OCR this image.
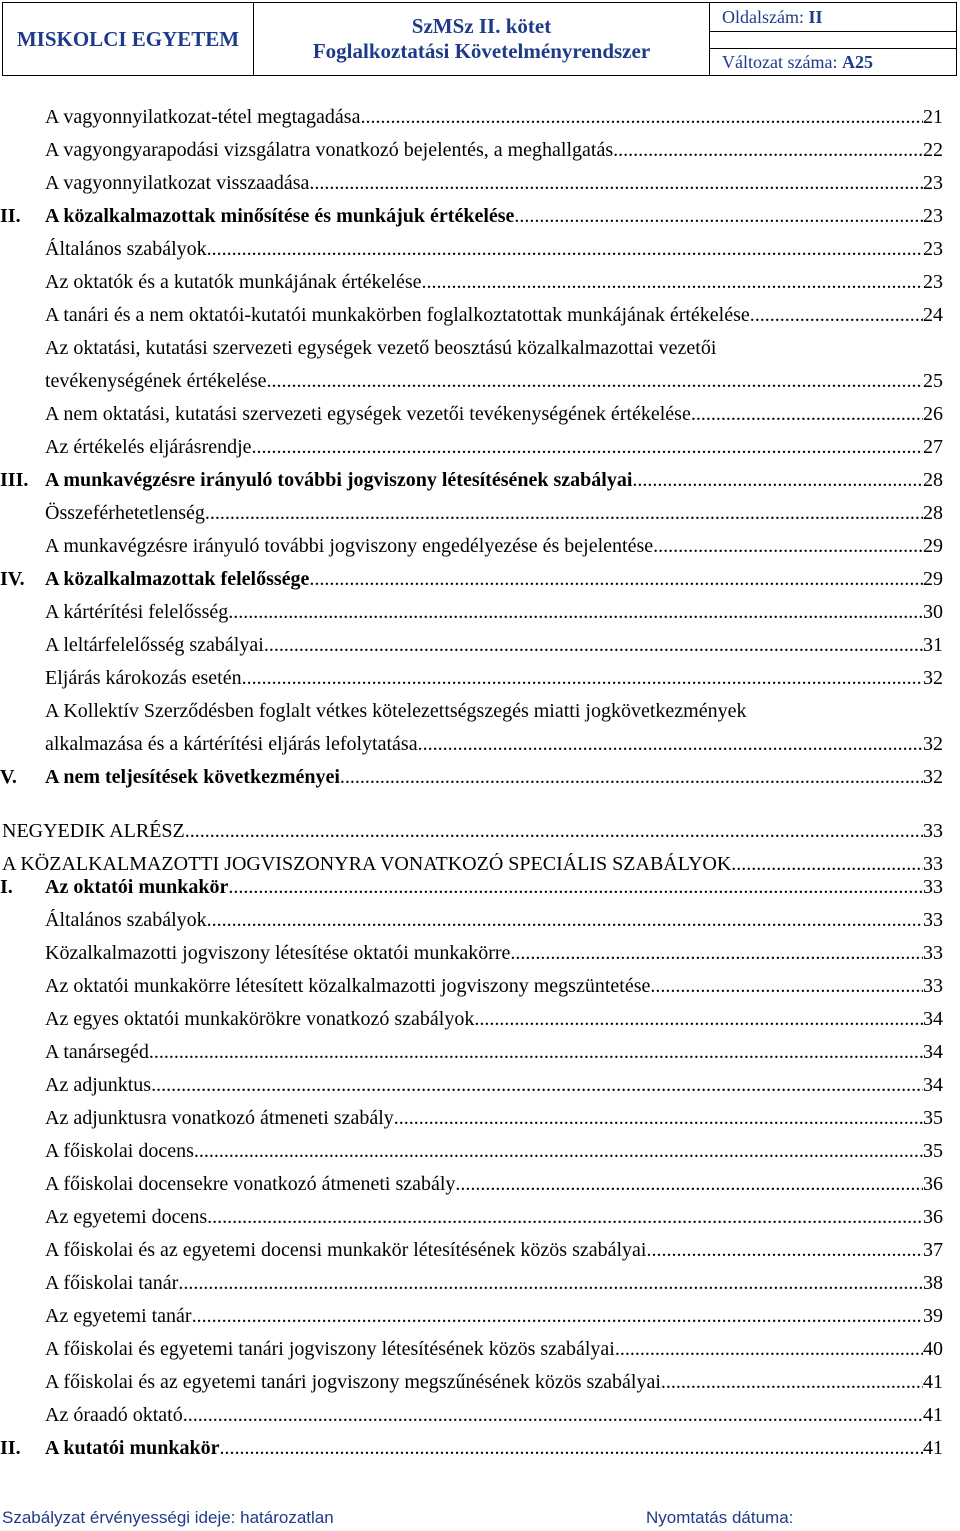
MISKOLCI EGYETEM
SzMSz II. kötet
Foglalkoztatási Követelményrendszer
Oldalszám: II
Változat száma: A25
A vagyonnyilatkozat-tétel megtagadása .....	21
A vagyongyarapodási vizsgálatra vonatkozó bejelentés, a meghallgatás .....	22
A vagyonnyilatkozat visszaadása .....	23
II.	A közalkalmazottak minősítése és munkájuk értékelése .....	23
Általános szabályok .....	23
Az oktatók és a kutatók munkájának értékelése .....	23
A tanári és a nem oktatói-kutatói munkakörben foglalkoztatottak munkájának értékelése .....	24
Az oktatási, kutatási szervezeti egységek vezető beosztású közalkalmazottai vezetői
tevékenységének értékelése .....	25
A nem oktatási, kutatási szervezeti egységek vezetői tevékenységének értékelése .....	26
Az értékelés eljárásrendje .....	27
III. A munkavégzésre irányuló további jogviszony létesítésének szabályai .....	28
Összeférhetetlenség .....	28
A munkavégzésre irányuló további jogviszony engedélyezése és bejelentése .....	29
IV.	A közalkalmazottak felelőssége .....	29
A kártérítési felelősség .....	30
A leltárfelelősség szabályai .....	31
Eljárás károkozás esetén .....	32
A Kollektív Szerződésben foglalt vétkes kötelezettségszegés miatti jogkövetkezmények
alkalmazása és a kártérítési eljárás lefolytatása .....	32
V.	A nem teljesítések következményei .....	32
NEGYEDIK ALRÉSZ .....	33
A KÖZALKALMAZOTTI JOGVISZONYRA VONATKOZÓ SPECIÁLIS SZABÁLYOK .....	33
I.	Az oktatói munkakör .....	33
Általános szabályok .....	33
Közalkalmazotti jogviszony létesítése oktatói munkakörre .....	33
Az oktatói munkakörre létesített közalkalmazotti jogviszony megszüntetése .....	33
Az egyes oktatói munkakörökre vonatkozó szabályok .....	34
A tanársegéd .....	34
Az adjunktus .....	34
Az adjunktusra vonatkozó átmeneti szabály .....	35
A főiskolai docens .....	35
A főiskolai docensekre vonatkozó átmeneti szabály .....	36
Az egyetemi docens .....	36
A főiskolai és az egyetemi docensi munkakör létesítésének közös szabályai .....	37
A főiskolai tanár .....	38
Az egyetemi tanár .....	39
A főiskolai és egyetemi tanári jogviszony létesítésének közös szabályai .....	40
A főiskolai és az egyetemi tanári jogviszony megszűnésének közös szabályai .....	41
Az óraadó oktató .....	41
II.	A kutatói munkakör .....	41
Szabályzat érvényességi ideje: határozatlan	Nyomtatás dátuma:
